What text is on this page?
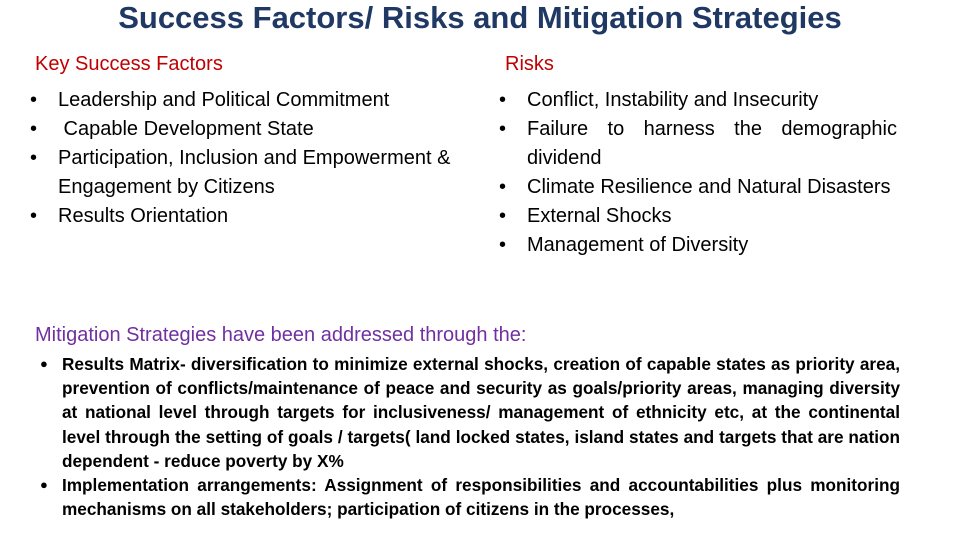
Success Factors/ Risks and Mitigation Strategies
Key Success Factors	Risks
• Leadership and Political Commitment
• Capable Development State
• Participation, Inclusion and Empowerment & Engagement by Citizens
• Results Orientation
• Conflict, Instability and Insecurity
• Failure to harness the demographic dividend
• Climate Resilience and Natural Disasters
• External Shocks
• Management of Diversity
Mitigation Strategies have been addressed through the:
● Results Matrix- diversification to minimize external shocks, creation of capable states as priority area, prevention of conflicts/maintenance of peace and security as goals/priority areas, managing diversity at national level through targets for inclusiveness/ management of ethnicity etc, at the continental level through the setting of goals / targets( land locked states, island states and targets that are nation dependent - reduce poverty by X%
● Implementation arrangements: Assignment of responsibilities and accountabilities plus monitoring mechanisms on all stakeholders; participation of citizens in the processes,
